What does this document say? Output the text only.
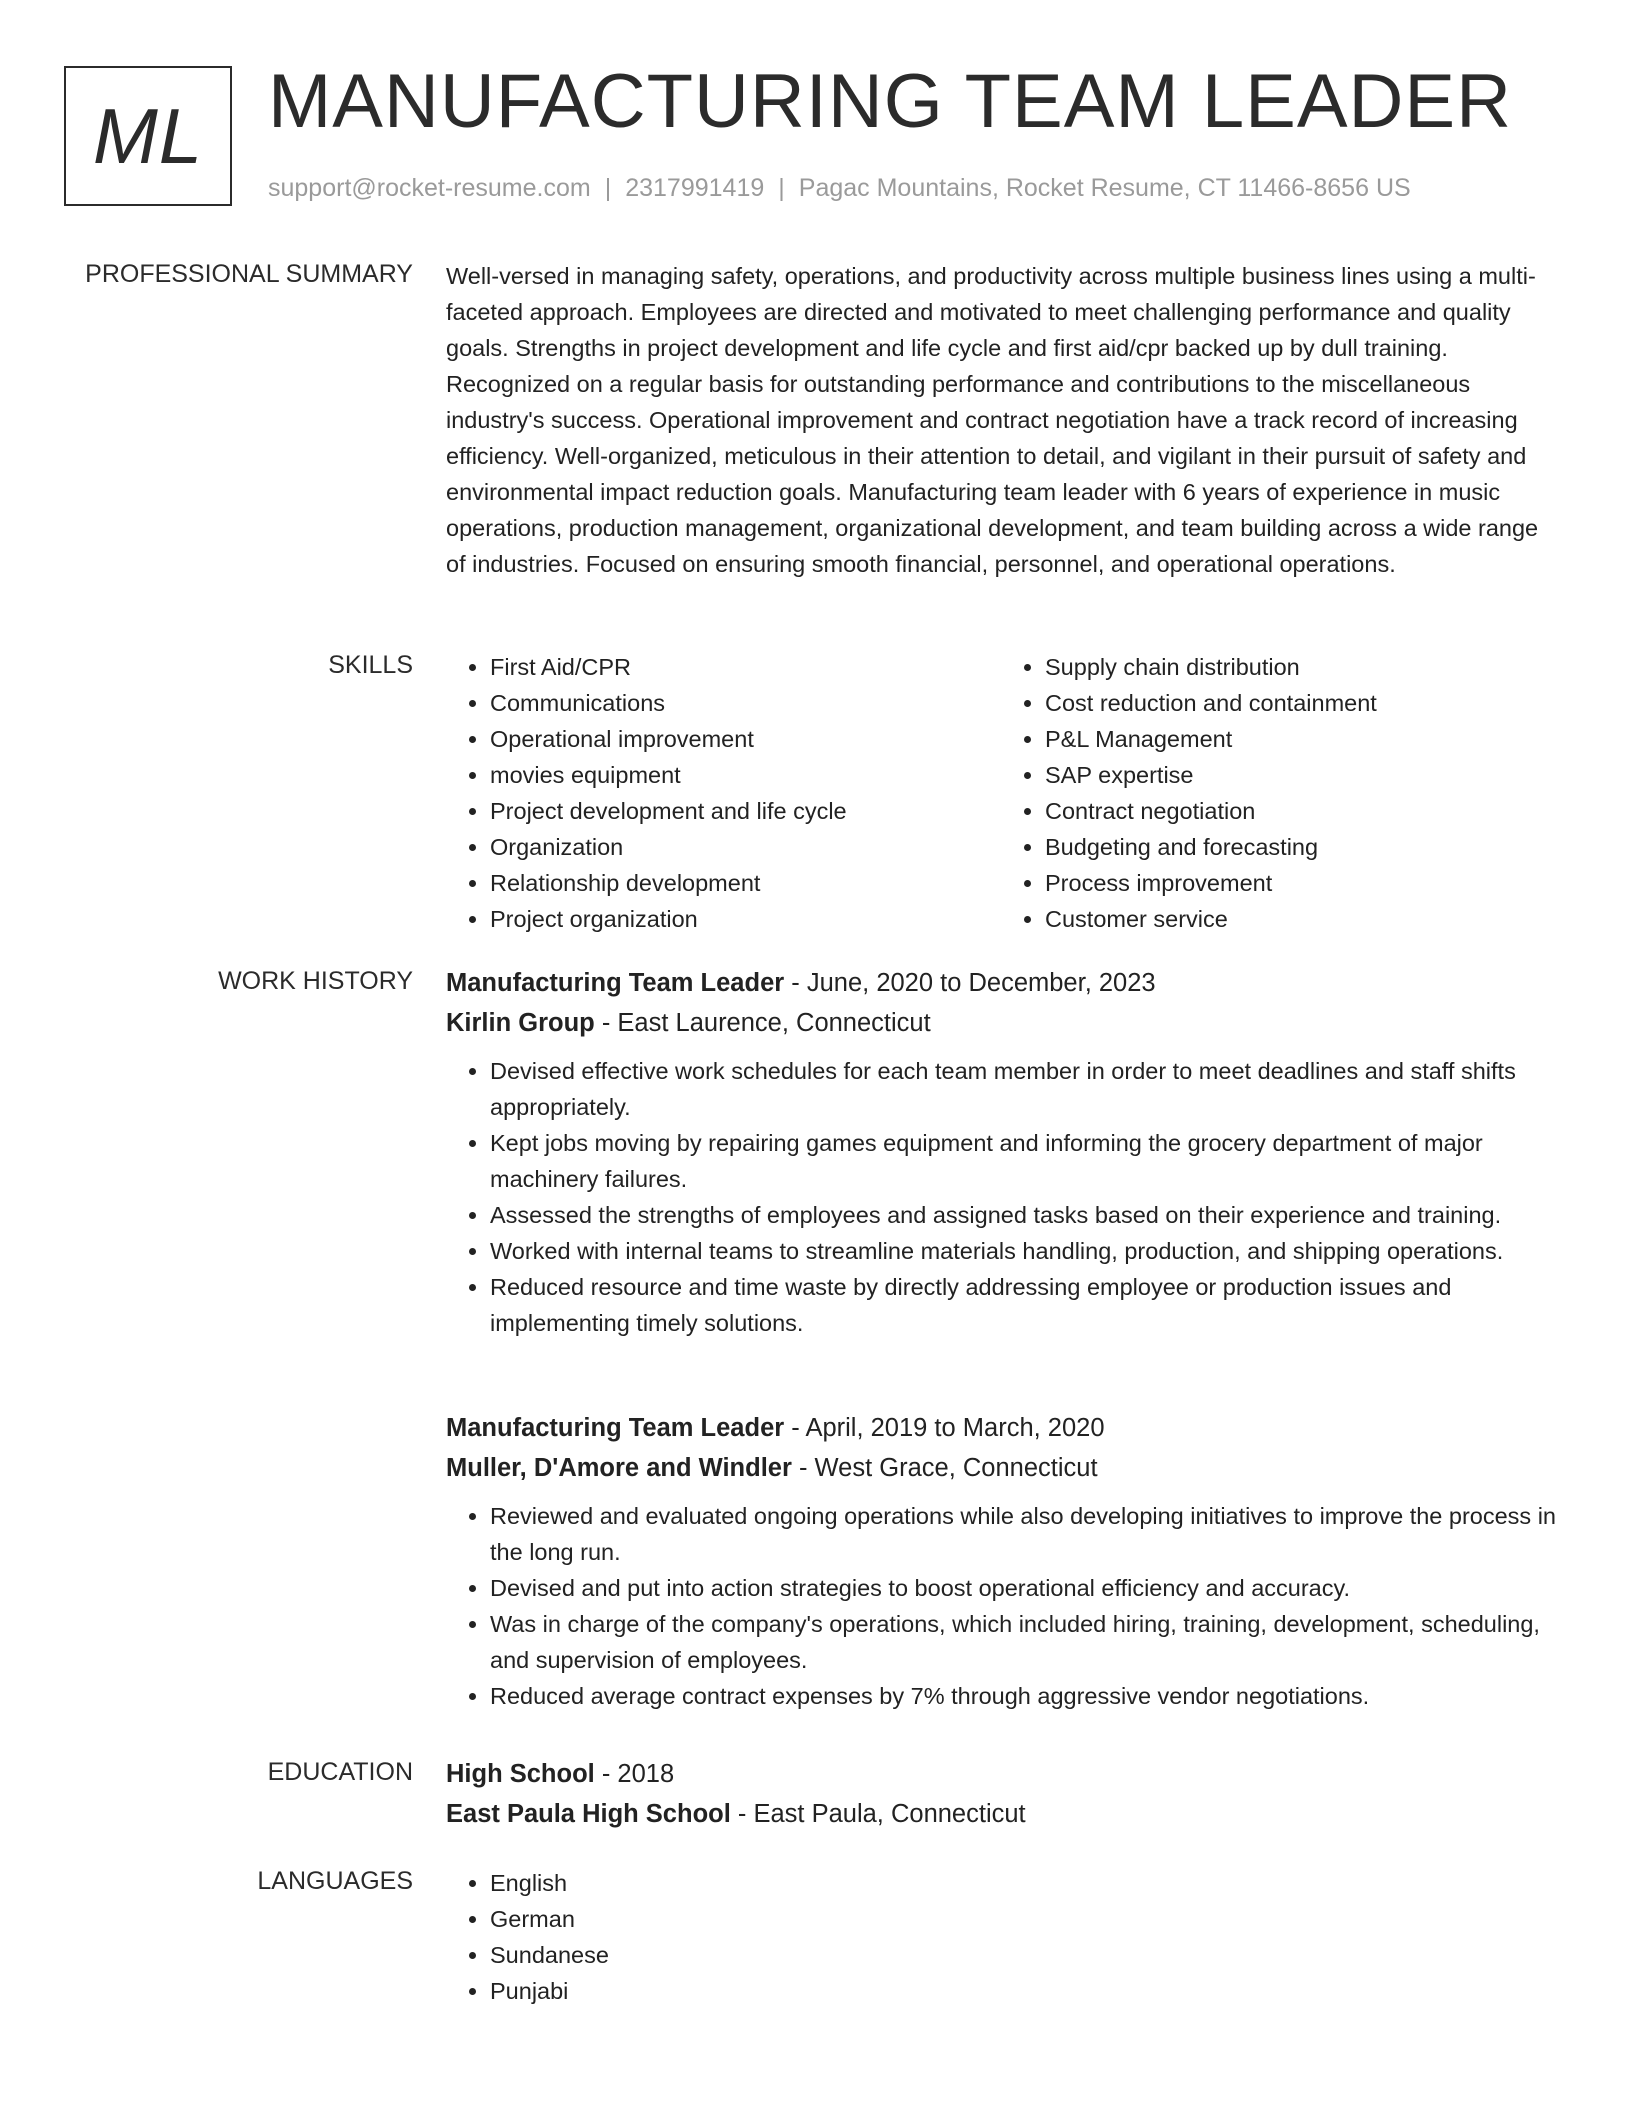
ML MANUFACTURING TEAM LEADER
support@rocket-resume.com | 2317991419 | Pagac Mountains, Rocket Resume, CT 11466-8656 US
PROFESSIONAL SUMMARY Well-versed in managing safety, operations, and productivity across multiple business lines using a multi-faceted approach. Employees are directed and motivated to meet challenging performance and quality goals. Strengths in project development and life cycle and first aid/cpr backed up by dull training. Recognized on a regular basis for outstanding performance and contributions to the miscellaneous industry's success. Operational improvement and contract negotiation have a track record of increasing efficiency. Well-organized, meticulous in their attention to detail, and vigilant in their pursuit of safety and environmental impact reduction goals. Manufacturing team leader with 6 years of experience in music operations, production management, organizational development, and team building across a wide range of industries. Focused on ensuring smooth financial, personnel, and operational operations.
SKILLS	• First Aid/CPR
• Communications
• Operational improvement
• movies equipment
• Project development and life cycle
• Organization
• Relationship development
• Project organization
• Supply chain distribution
• Cost reduction and containment
• P&L Management
• SAP expertise
• Contract negotiation
• Budgeting and forecasting
• Process improvement
• Customer service
WORK HISTORY Manufacturing Team Leader - June, 2020 to December, 2023
Kirlin Group - East Laurence, Connecticut
• Devised effective work schedules for each team member in order to meet deadlines and staff shifts appropriately.
• Kept jobs moving by repairing games equipment and informing the grocery department of major machinery failures.
• Assessed the strengths of employees and assigned tasks based on their experience and training.
• Worked with internal teams to streamline materials handling, production, and shipping operations.
• Reduced resource and time waste by directly addressing employee or production issues and implementing timely solutions.
Manufacturing Team Leader - April, 2019 to March, 2020
Muller, D'Amore and Windler - West Grace, Connecticut
• Reviewed and evaluated ongoing operations while also developing initiatives to improve the process in the long run.
• Devised and put into action strategies to boost operational efficiency and accuracy.
• Was in charge of the company's operations, which included hiring, training, development, scheduling, and supervision of employees.
• Reduced average contract expenses by 7% through aggressive vendor negotiations.
EDUCATION High School - 2018
East Paula High School - East Paula, Connecticut
LANGUAGES	• English
• German
• Sundanese
• Punjabi
